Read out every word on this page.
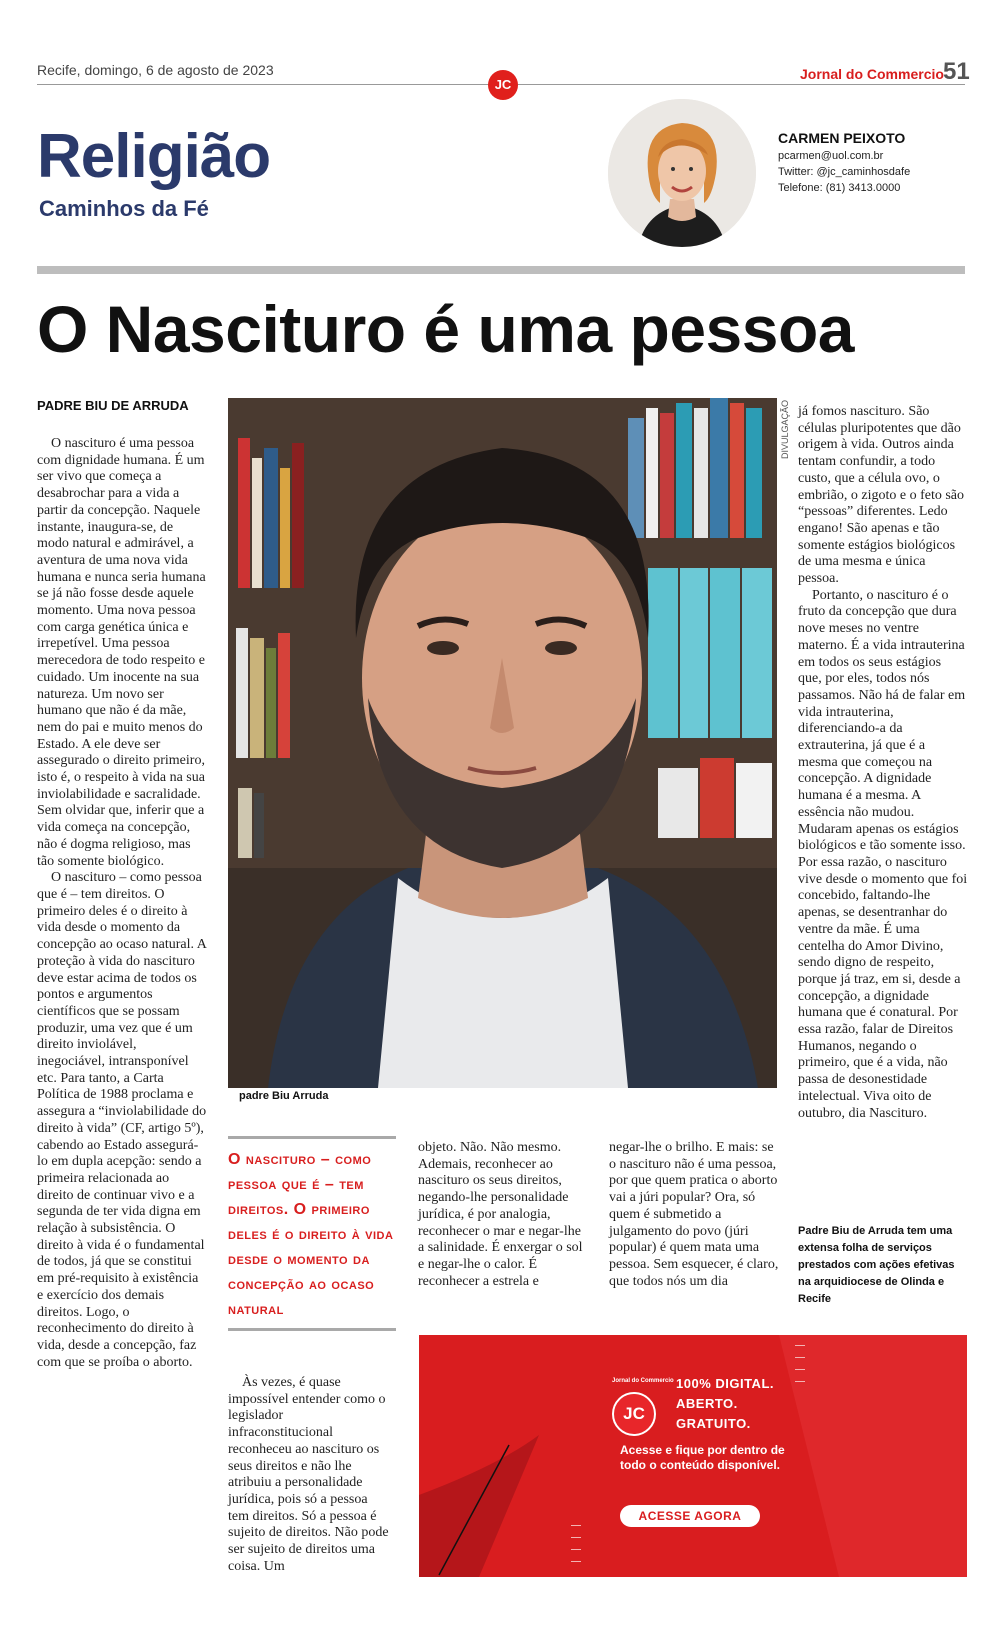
Recife, domingo, 6 de agosto de 2023
JC
Jornal do Commercio 51
Religião
Caminhos da Fé
CARMEN PEIXOTO
pcarmen@uol.com.br
Twitter: @jc_caminhosdafe
Telefone: (81) 3413.0000
O Nascituro é uma pessoa
PADRE BIU DE ARRUDA

O nascituro é uma pessoa com dignidade humana. É um ser vivo que começa a desabrochar para a vida a partir da concepção. Naquele instante, inaugura-se, de modo natural e admirável, a aventura de uma nova vida humana e nunca seria humana se já não fosse desde aquele momento. Uma nova pessoa com carga genética única e irrepetível. Uma pessoa merecedora de todo respeito e cuidado. Um inocente na sua natureza. Um novo ser humano que não é da mãe, nem do pai e muito menos do Estado. A ele deve ser assegurado o direito primeiro, isto é, o respeito à vida na sua inviolabilidade e sacralidade. Sem olvidar que, inferir que a vida começa na concepção, não é dogma religioso, mas tão somente biológico.

O nascituro – como pessoa que é – tem direitos. O primeiro deles é o direito à vida desde o momento da concepção ao ocaso natural. A proteção à vida do nascituro deve estar acima de todos os pontos e argumentos científicos que se possam produzir, uma vez que é um direito inviolável, inegociável, intransponível etc. Para tanto, a Carta Política de 1988 proclama e assegura a “inviolabilidade do direito à vida” (CF, artigo 5º), cabendo ao Estado assegurá-lo em dupla acepção: sendo a primeira relacionada ao direito de continuar vivo e a segunda de ter vida digna em relação à subsistência. O direito à vida é o fundamental de todos, já que se constitui em pré-requisito à existência e exercício dos demais direitos. Logo, o reconhecimento do direito à vida, desde a concepção, faz com que se proíba o aborto.

DIVULGAÇÃO
padre Biu Arruda
O nascituro – como pessoa que é – tem direitos. O primeiro deles é o direito à vida desde o momento da concepção ao ocaso natural

Às vezes, é quase impossível entender como o legislador infraconstitucional reconheceu ao nascituro os seus direitos e não lhe atribuiu a personalidade jurídica, pois só a pessoa tem direitos. Só a pessoa é sujeito de direitos. Não pode ser sujeito de direitos uma coisa. Um

objeto. Não. Não mesmo. Ademais, reconhecer ao nascituro os seus direitos, negando-lhe personalidade jurídica, é por analogia, reconhecer o mar e negar-lhe a salinidade. É enxergar o sol e negar-lhe o calor. É reconhecer a estrela e

negar-lhe o brilho. E mais: se o nascituro não é uma pessoa, por que quem pratica o aborto vai a júri popular? Ora, só quem é submetido a julgamento do povo (júri popular) é quem mata uma pessoa. Sem esquecer, é claro, que todos nós um dia

já fomos nascituro. São células pluripotentes que dão origem à vida. Outros ainda tentam confundir, a todo custo, que a célula ovo, o embrião, o zigoto e o feto são “pessoas” diferentes. Ledo engano! São apenas e tão somente estágios biológicos de uma mesma e única pessoa.

Portanto, o nascituro é o fruto da concepção que dura nove meses no ventre materno. É a vida intrauterina em todos os seus estágios que, por eles, todos nós passamos. Não há de falar em vida intrauterina, diferenciando-a da extrauterina, já que é a mesma que começou na concepção. A dignidade humana é a mesma. A essência não mudou. Mudaram apenas os estágios biológicos e tão somente isso. Por essa razão, o nascituro vive desde o momento que foi concebido, faltando-lhe apenas, se desentranhar do ventre da mãe. É uma centelha do Amor Divino, sendo digno de respeito, porque já traz, em si, desde a concepção, a dignidade humana que é conatural. Por essa razão, falar de Direitos Humanos, negando o primeiro, que é a vida, não passa de desonestidade intelectual. Viva oito de outubro, dia Nascituro.

Padre Biu de Arruda tem uma extensa folha de serviços prestados com ações efetivas na arquidiocese de Olinda e Recife
Jornal do Commercio
JC
100% DIGITAL.
ABERTO.
GRATUITO.
Acesse e fique por dentro de todo o conteúdo disponível.
ACESSE AGORA
